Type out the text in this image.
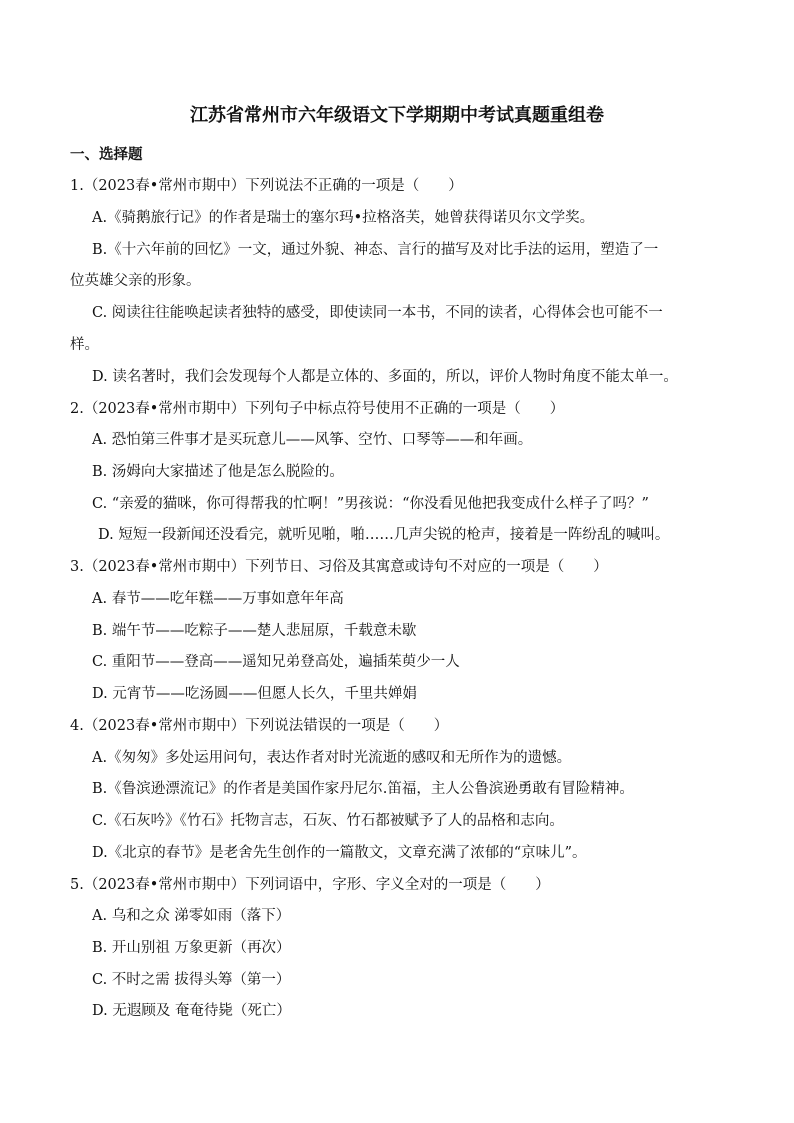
江苏省常州市六年级语文下学期期中考试真题重组卷
一、选择题
1.（2023春•常州市期中）下列说法不正确的一项是（　　）
A.《骑鹅旅行记》的作者是瑞士的塞尔玛•拉格洛芙，她曾获得诺贝尔文学奖。
B.《十六年前的回忆》一文，通过外貌、神态、言行的描写及对比手法的运用，塑造了一
位英雄父亲的形象。
C. 阅读往往能唤起读者独特的感受，即使读同一本书，不同的读者，心得体会也可能不一
样。
D. 读名著时，我们会发现每个人都是立体的、多面的，所以，评价人物时角度不能太单一。
2.（2023春•常州市期中）下列句子中标点符号使用不正确的一项是（　　）
A. 恐怕第三件事才是买玩意儿——风筝、空竹、口琴等——和年画。
B. 汤姆向大家描述了他是怎么脱险的。
C. “亲爱的猫咪，你可得帮我的忙啊！”男孩说：“你没看见他把我变成什么样子了吗？”
D. 短短一段新闻还没看完，就听见啪，啪……几声尖锐的枪声，接着是一阵纷乱的喊叫。
3.（2023春•常州市期中）下列节日、习俗及其寓意或诗句不对应的一项是（　　）
A. 春节——吃年糕——万事如意年年高
B. 端午节——吃粽子——楚人悲屈原，千载意未歇
C. 重阳节——登高——遥知兄弟登高处，遍插茱萸少一人
D. 元宵节——吃汤圆——但愿人长久，千里共婵娟
4.（2023春•常州市期中）下列说法错误的一项是（　　）
A.《匆匆》多处运用问句，表达作者对时光流逝的感叹和无所作为的遗憾。
B.《鲁滨逊漂流记》的作者是美国作家丹尼尔.笛福，主人公鲁滨逊勇敢有冒险精神。
C.《石灰吟》《竹石》托物言志，石灰、竹石都被赋予了人的品格和志向。
D.《北京的春节》是老舍先生创作的一篇散文，文章充满了浓郁的“京味儿”。
5.（2023春•常州市期中）下列词语中，字形、字义全对的一项是（　　）
A. 乌和之众 涕零如雨（落下）
B. 开山别祖 万象更新（再次）
C. 不时之需 拔得头筹（第一）
D. 无遐顾及 奄奄待毙（死亡）
